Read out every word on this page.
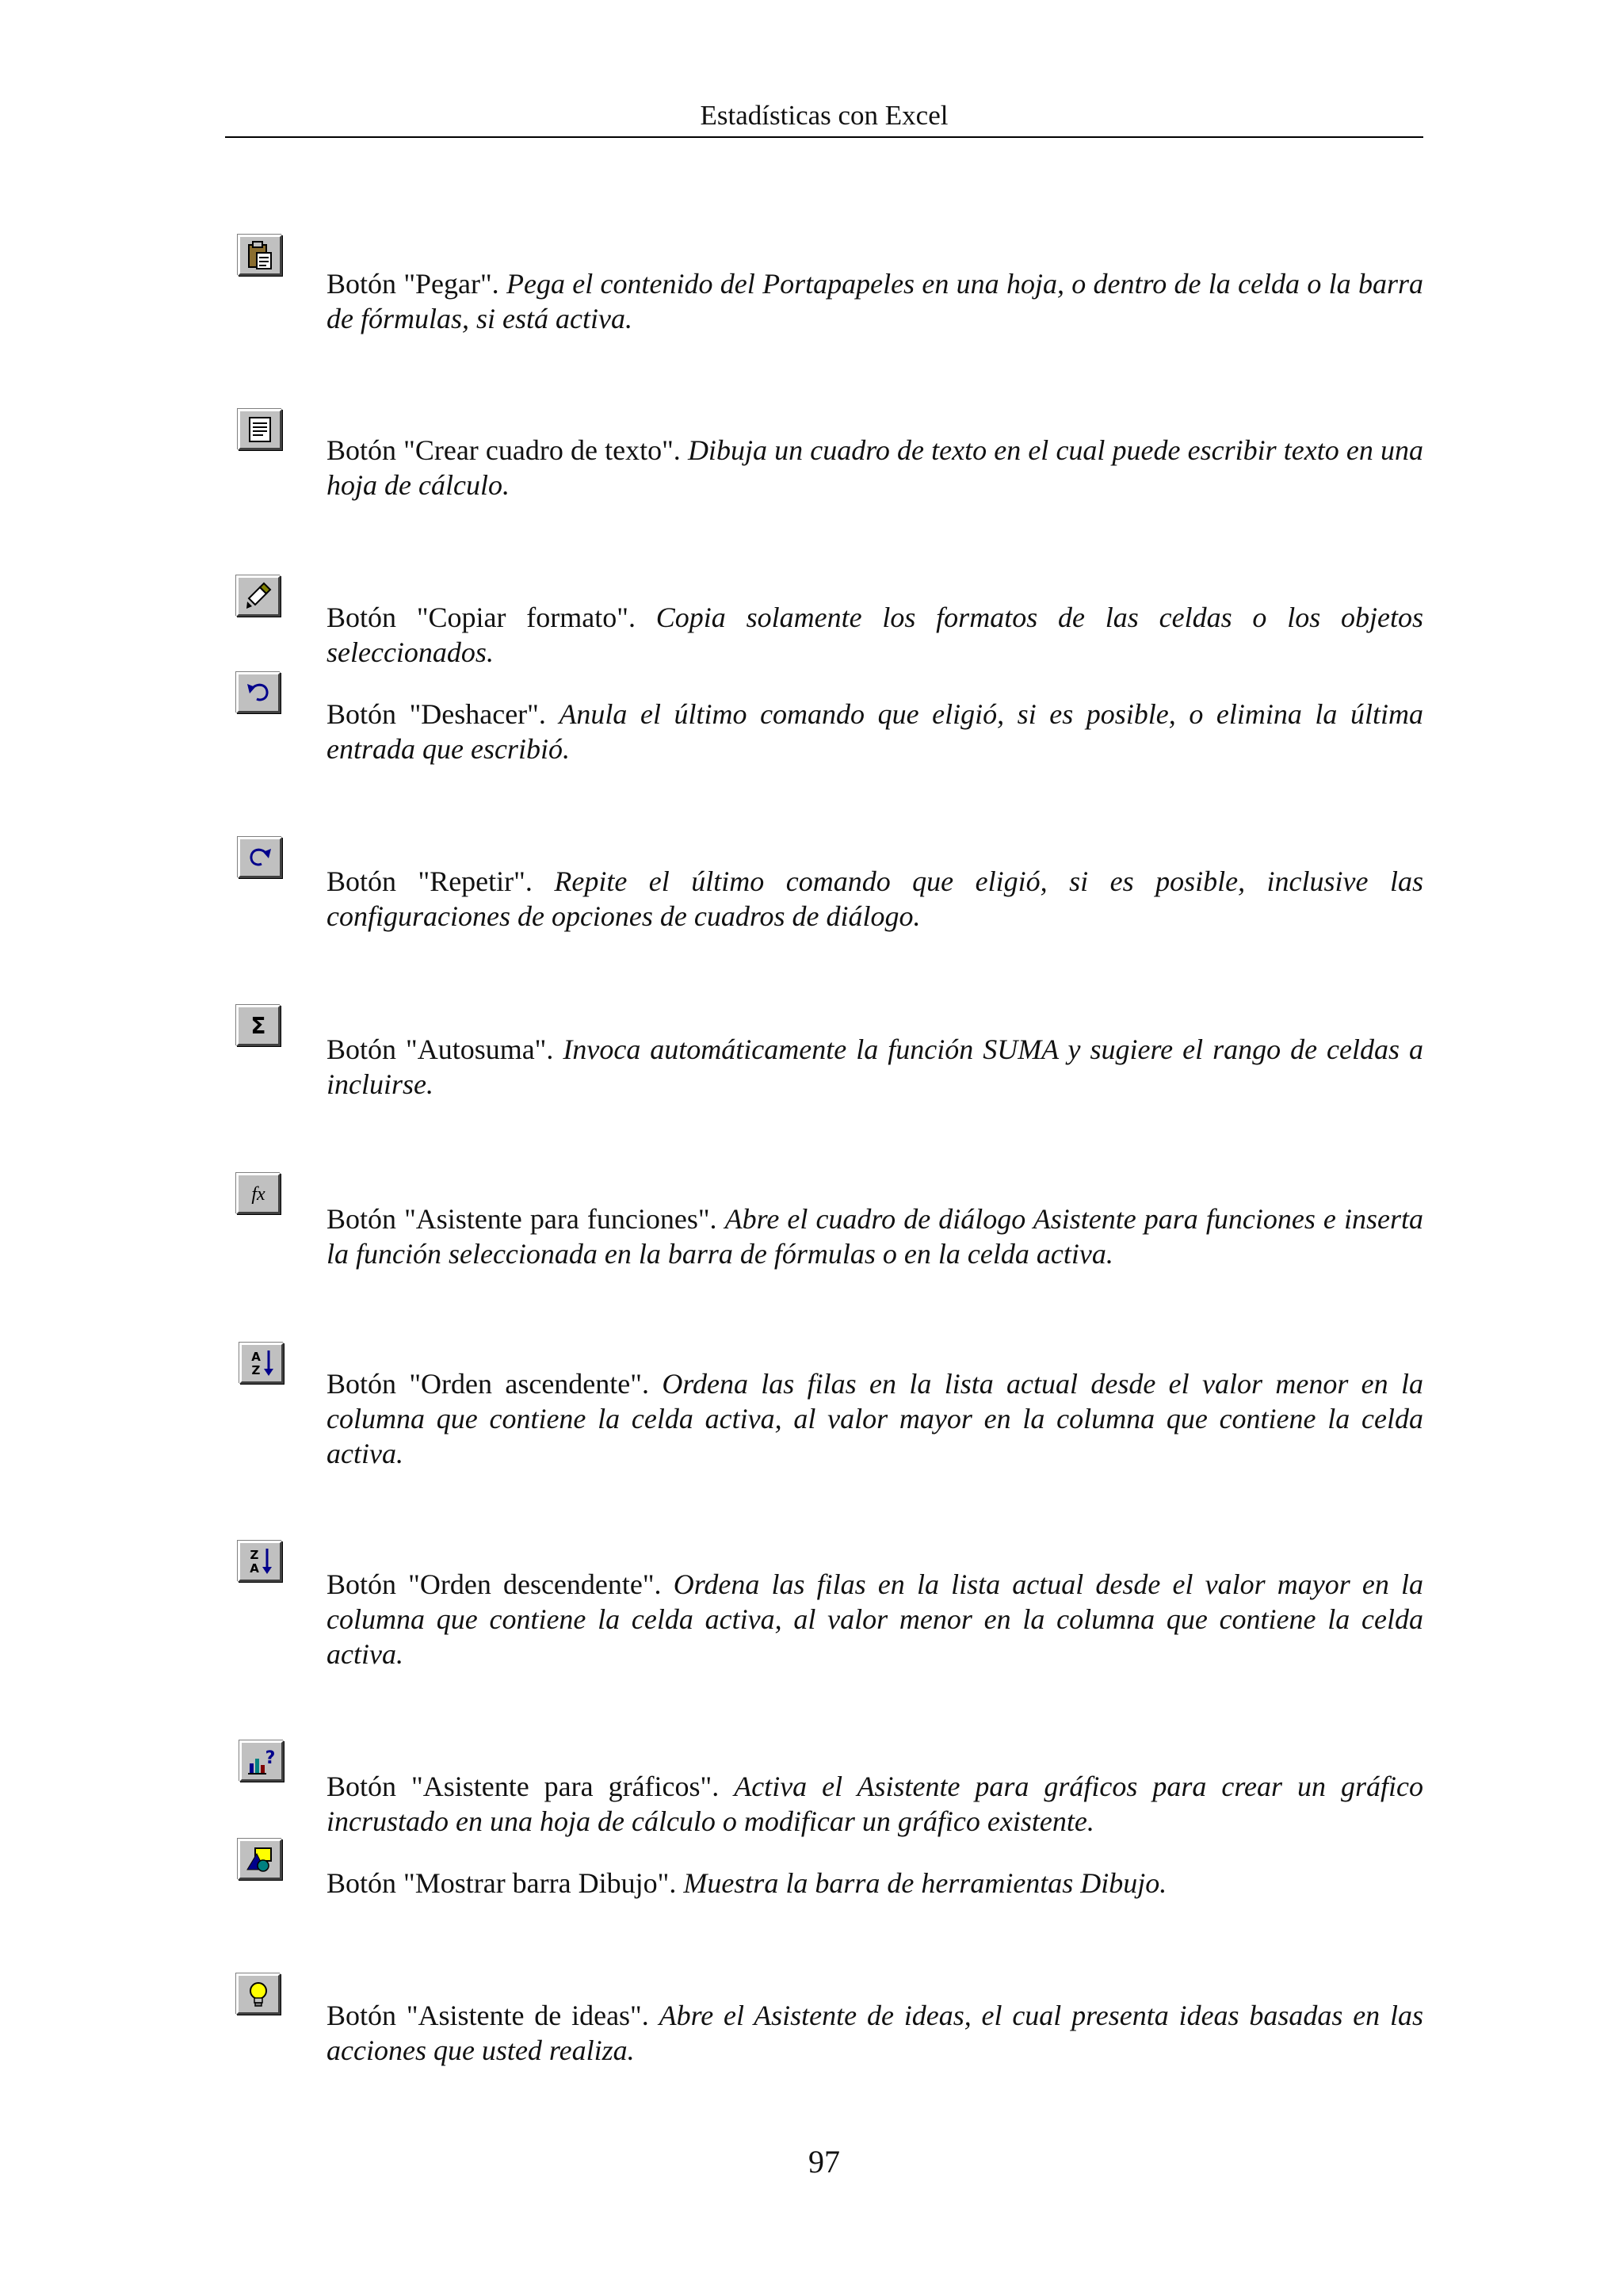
Estadísticas con Excel
Botón "Pegar". Pega el contenido del Portapapeles en una hoja, o dentro de la celda o la barra de fórmulas, si está activa.
Botón "Crear cuadro de texto". Dibuja un cuadro de texto en el cual puede escribir texto en una hoja de cálculo.
Botón "Copiar formato". Copia solamente los formatos de las celdas o los objetos seleccionados.
Botón "Deshacer". Anula el último comando que eligió, si es posible, o elimina la última entrada que escribió.
Botón "Repetir". Repite el último comando que eligió, si es posible, inclusive las configuraciones de opciones de cuadros de diálogo.
Σ
Botón "Autosuma". Invoca automáticamente la función SUMA y sugiere el rango de celdas a incluirse.
fx
Botón "Asistente para funciones". Abre el cuadro de diálogo Asistente para funciones e inserta la función seleccionada en la barra de fórmulas o en la celda activa.
A
Z Botón "Orden ascendente". Ordena las filas en la lista actual desde el valor menor en la columna que contiene la celda activa, al valor mayor en la columna que contiene la celda activa.
Z
A Botón "Orden descendente". Ordena las filas en la lista actual desde el valor mayor en la columna que contiene la celda activa, al valor menor en la columna que contiene la celda activa.
?
Botón "Asistente para gráficos". Activa el Asistente para gráficos para crear un gráfico incrustado en una hoja de cálculo o modificar un gráfico existente.
Botón "Mostrar barra Dibujo". Muestra la barra de herramientas Dibujo.
Botón "Asistente de ideas". Abre el Asistente de ideas, el cual presenta ideas basadas en las acciones que usted realiza.
97
